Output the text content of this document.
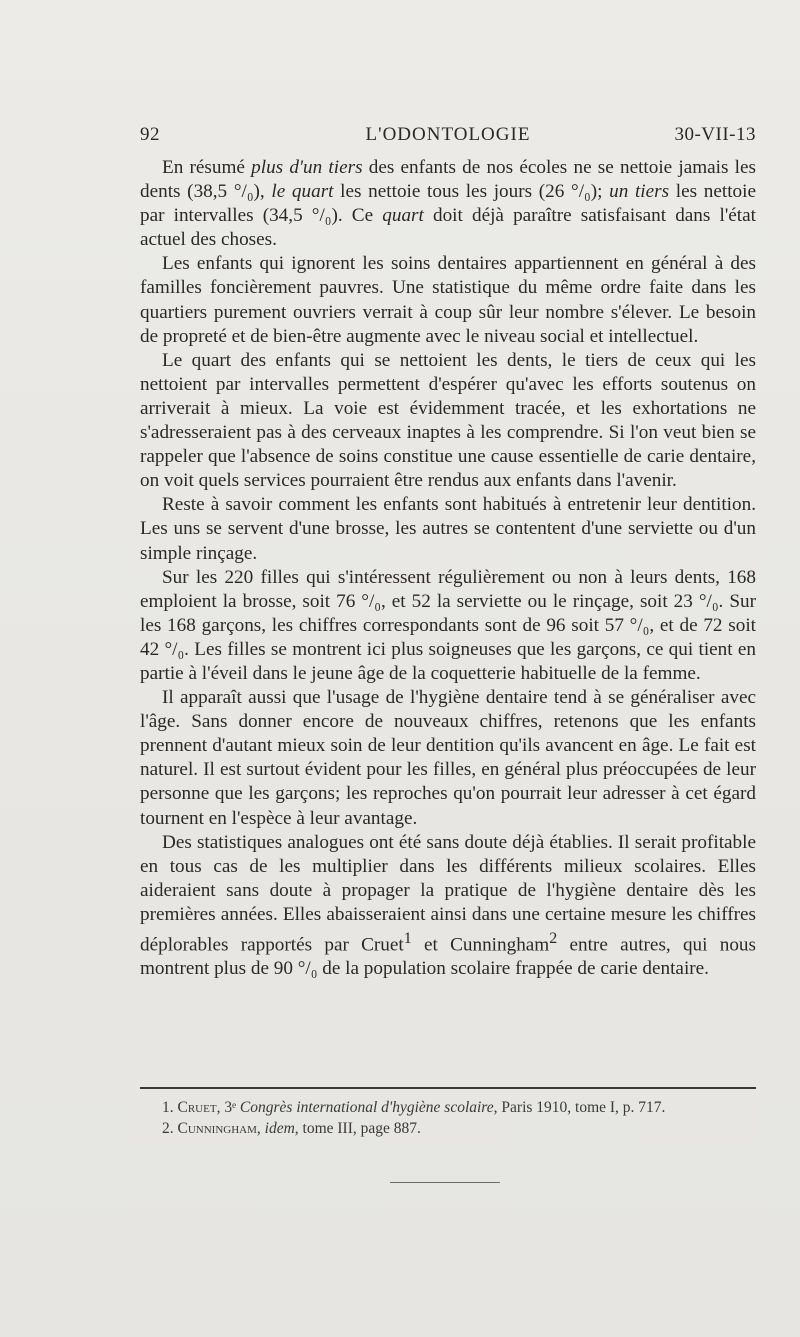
92	L'ODONTOLOGIE	30-VII-13

En résumé plus d'un tiers des enfants de nos écoles ne se nettoie jamais les dents (38,5 °/₀), le quart les nettoie tous les jours (26 °/₀); un tiers les nettoie par intervalles (34,5 °/₀). Ce quart doit déjà paraître satisfaisant dans l'état actuel des choses.

Les enfants qui ignorent les soins dentaires appartiennent en général à des familles foncièrement pauvres. Une statistique du même ordre faite dans les quartiers purement ouvriers verrait à coup sûr leur nombre s'élever. Le besoin de propreté et de bien-être augmente avec le niveau social et intellectuel.

Le quart des enfants qui se nettoient les dents, le tiers de ceux qui les nettoient par intervalles permettent d'espérer qu'avec les efforts soutenus on arriverait à mieux. La voie est évidemment tracée, et les exhortations ne s'adresseraient pas à des cerveaux inaptes à les comprendre. Si l'on veut bien se rappeler que l'absence de soins constitue une cause essentielle de carie dentaire, on voit quels services pourraient être rendus aux enfants dans l'avenir.

Reste à savoir comment les enfants sont habitués à entretenir leur dentition. Les uns se servent d'une brosse, les autres se contentent d'une serviette ou d'un simple rinçage.

Sur les 220 filles qui s'intéressent régulièrement ou non à leurs dents, 168 emploient la brosse, soit 76 °/₀, et 52 la serviette ou le rinçage, soit 23 °/₀. Sur les 168 garçons, les chiffres correspondants sont de 96 soit 57 °/₀, et de 72 soit 42 °/₀. Les filles se montrent ici plus soigneuses que les garçons, ce qui tient en partie à l'éveil dans le jeune âge de la coquetterie habituelle de la femme.

Il apparaît aussi que l'usage de l'hygiène dentaire tend à se généraliser avec l'âge. Sans donner encore de nouveaux chiffres, retenons que les enfants prennent d'autant mieux soin de leur dentition qu'ils avancent en âge. Le fait est naturel. Il est surtout évident pour les filles, en général plus préoccupées de leur personne que les garçons; les reproches qu'on pourrait leur adresser à cet égard tournent en l'espèce à leur avantage.

Des statistiques analogues ont été sans doute déjà établies. Il serait profitable en tous cas de les multiplier dans les différents milieux scolaires. Elles aideraient sans doute à propager la pratique de l'hygiène dentaire dès les premières années. Elles abaisseraient ainsi dans une certaine mesure les chiffres déplorables rapportés par Cruet$^1$ et Cunningham$^2$ entre autres, qui nous montrent plus de 90 °/₀ de la population scolaire frappée de carie dentaire.

1. Cruet, 3ᵉ Congrès international d'hygiène scolaire, Paris 1910, tome I, p. 717.

2. Cunningham, idem, tome III, page 887.
